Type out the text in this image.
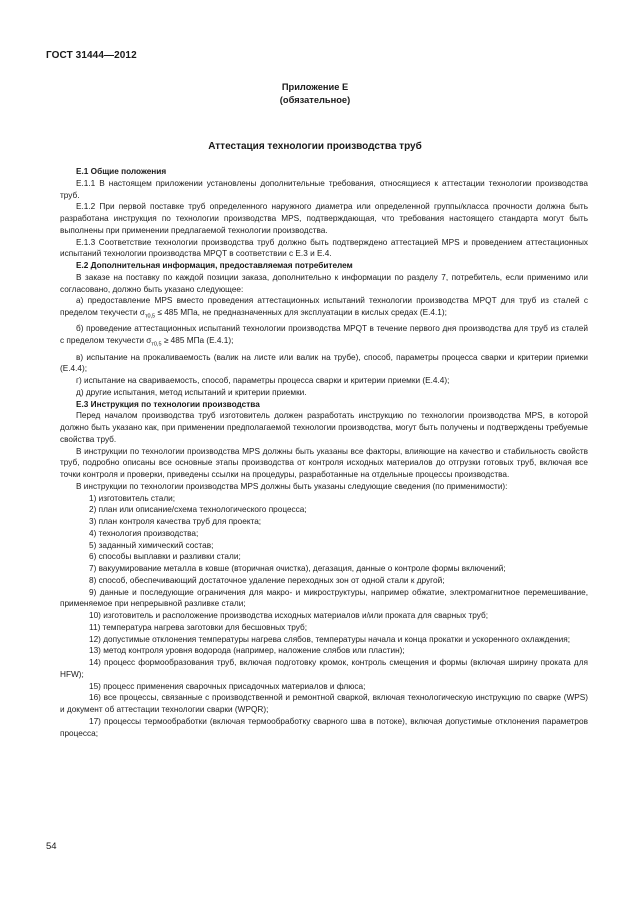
ГОСТ 31444—2012
Приложение Е
(обязательное)
Аттестация технологии производства труб

Е.1 Общие положения

Е.1.1 В настоящем приложении установлены дополнительные требования, относящиеся к аттестации технологии производства труб.

Е.1.2 При первой поставке труб определенного наружного диаметра или определенной группы/класса прочности должна быть разработана инструкция по технологии производства MPS, подтверждающая, что требования настоящего стандарта могут быть выполнены при применении предлагаемой технологии производства.

Е.1.3 Соответствие технологии производства труб должно быть подтверждено аттестацией MPS и проведением аттестационных испытаний технологии производства MPQT в соответствии с Е.3 и Е.4.

Е.2 Дополнительная информация, предоставляемая потребителем

В заказе на поставку по каждой позиции заказа, дополнительно к информации по разделу 7, потребитель, если применимо или согласовано, должно быть указано следующее:

а) предоставление MPS вместо проведения аттестационных испытаний технологии производства MPQT для труб из сталей с пределом текучести $\sigma_{т0,5} \le 485$ МПа, не предназначенных для эксплуатации в кислых средах (Е.4.1);

б) проведение аттестационных испытаний технологии производства MPQT в течение первого дня производства для труб из сталей с пределом текучести $\sigma_{т0,5} \ge 485$ МПа (Е.4.1);

в) испытание на прокаливаемость (валик на листе или валик на трубе), способ, параметры процесса сварки и критерии приемки (Е.4.4);

г) испытание на свариваемость, способ, параметры процесса сварки и критерии приемки (Е.4.4);

д) другие испытания, метод испытаний и критерии приемки.

Е.3 Инструкция по технологии производства

Перед началом производства труб изготовитель должен разработать инструкцию по технологии производства MPS, в которой должно быть указано как, при применении предполагаемой технологии производства, могут быть получены и подтверждены требуемые свойства труб.

В инструкции по технологии производства MPS должны быть указаны все факторы, влияющие на качество и стабильность свойств труб, подробно описаны все основные этапы производства от контроля исходных материалов до отгрузки готовых труб, включая все точки контроля и проверки, приведены ссылки на процедуры, разработанные на отдельные процессы производства.

В инструкции по технологии производства MPS должны быть указаны следующие сведения (по применимости):

1) изготовитель стали;

2) план или описание/схема технологического процесса;

3) план контроля качества труб для проекта;

4) технология производства;

5) заданный химический состав;

6) способы выплавки и разливки стали;

7) вакуумирование металла в ковше (вторичная очистка), дегазация, данные о контроле формы включений;

8) способ, обеспечивающий достаточное удаление переходных зон от одной стали к другой;

9) данные и последующие ограничения для макро- и микроструктуры, например обжатие, электромагнитное перемешивание, применяемое при непрерывной разливке стали;

10) изготовитель и расположение производства исходных материалов и/или проката для сварных труб;

11) температура нагрева заготовки для бесшовных труб;

12) допустимые отклонения температуры нагрева слябов, температуры начала и конца прокатки и ускоренного охлаждения;

13) метод контроля уровня водорода (например, наложение слябов или пластин);

14) процесс формообразования труб, включая подготовку кромок, контроль смещения и формы (включая ширину проката для HFW);

15) процесс применения сварочных присадочных материалов и флюса;

16) все процессы, связанные с производственной и ремонтной сваркой, включая технологическую инструкцию по сварке (WPS) и документ об аттестации технологии сварки (WPQR);

17) процессы термообработки (включая термообработку сварного шва в потоке), включая допустимые отклонения параметров процесса;

54
